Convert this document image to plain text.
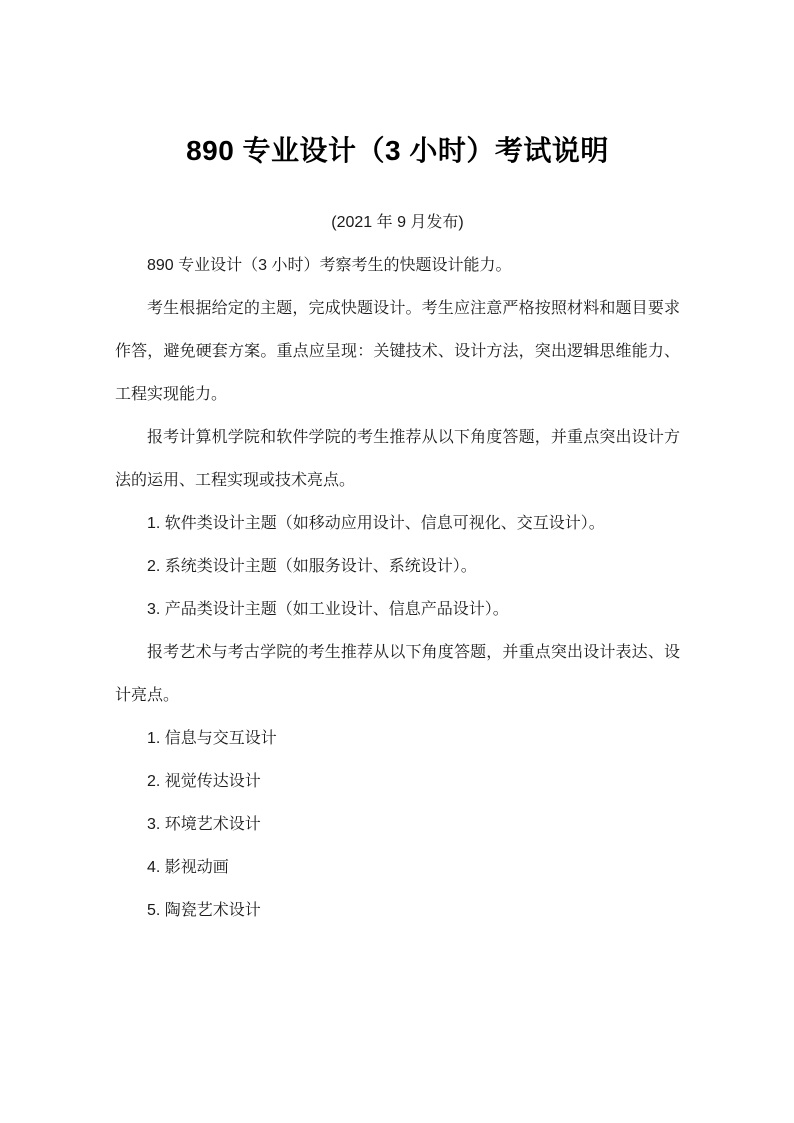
890 专业设计（3 小时）考试说明

(2021 年 9 月发布)

890 专业设计（3 小时）考察考生的快题设计能力。

考生根据给定的主题，完成快题设计。考生应注意严格按照材料和题目要求作答，避免硬套方案。重点应呈现：关键技术、设计方法，突出逻辑思维能力、工程实现能力。

报考计算机学院和软件学院的考生推荐从以下角度答题，并重点突出设计方法的运用、工程实现或技术亮点。

1. 软件类设计主题（如移动应用设计、信息可视化、交互设计）。

2. 系统类设计主题（如服务设计、系统设计）。

3. 产品类设计主题（如工业设计、信息产品设计）。

报考艺术与考古学院的考生推荐从以下角度答题，并重点突出设计表达、设计亮点。

1. 信息与交互设计

2. 视觉传达设计

3. 环境艺术设计

4. 影视动画

5. 陶瓷艺术设计
